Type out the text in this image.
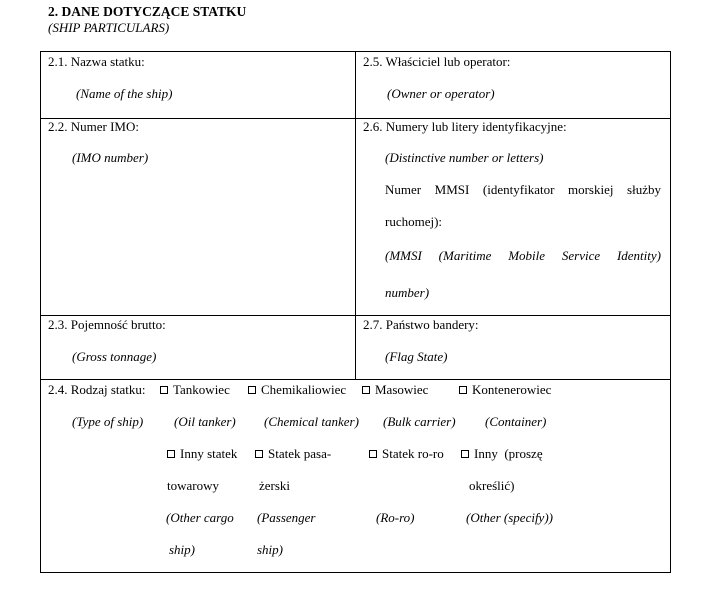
2. DANE DOTYCZĄCE STATKU
(SHIP PARTICULARS)
2.1. Nazwa statku:
(Name of the ship)
2.5. Właściciel lub operator:
(Owner or operator)
2.2. Numer IMO:
(IMO number)
2.6. Numery lub litery identyfikacyjne:
(Distinctive number or letters)
Numer MMSI (identyfikator morskiej służby
ruchomej):
(MMSI (Maritime Mobile Service Identity)
number)
2.3. Pojemność brutto:
(Gross tonnage)
2.7. Państwo bandery:
(Flag State)
2.4. Rodzaj statku:
(Type of ship)
Tankowiec
(Oil tanker)
Chemikaliowiec
(Chemical tanker)
Masowiec
(Bulk carrier)
Kontenerowiec
(Container)
Inny statek
towarowy
(Other cargo
ship)
Statek pasa-
żerski
(Passenger
ship)
Statek ro-ro
(Ro-ro)
Inny  (proszę
określić)
(Other (specify))
